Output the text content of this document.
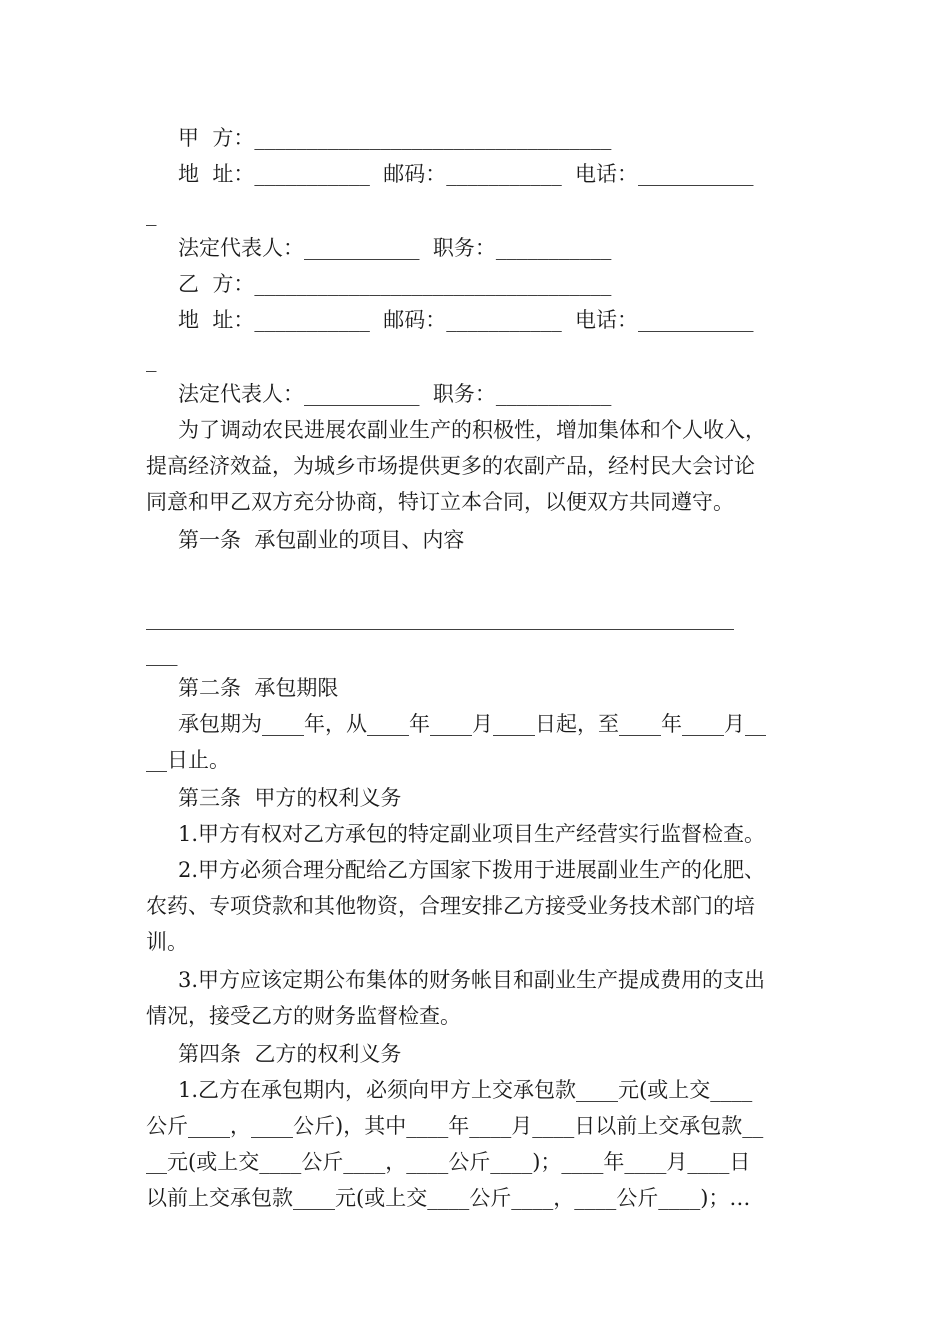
甲  方：__________________________________
地  址：___________  邮码：___________  电话：___________
_
法定代表人：___________  职务：___________
乙  方：__________________________________
地  址：___________  邮码：___________  电话：___________
_
法定代表人：___________  职务：___________
为了调动农民进展农副业生产的积极性，增加集体和个人收入，
提高经济效益，为城乡市场提供更多的农副产品，经村民大会讨论
同意和甲乙双方充分协商，特订立本合同，以便双方共同遵守。
第一条  承包副业的项目、内容
________________________________________________________
___
第二条  承包期限
承包期为____年，从____年____月____日起，至____年____月__
__日止。
第三条  甲方的权利义务
1.甲方有权对乙方承包的特定副业项目生产经营实行监督检查。
2.甲方必须合理分配给乙方国家下拨用于进展副业生产的化肥、
农药、专项贷款和其他物资，合理安排乙方接受业务技术部门的培
训。
3.甲方应该定期公布集体的财务帐目和副业生产提成费用的支出
情况，接受乙方的财务监督检查。
第四条  乙方的权利义务
1.乙方在承包期内，必须向甲方上交承包款____元(或上交____
公斤____，____公斤)，其中____年____月____日以前上交承包款__
__元(或上交____公斤____，____公斤____)；____年____月____日
以前上交承包款____元(或上交____公斤____，____公斤____)；…
